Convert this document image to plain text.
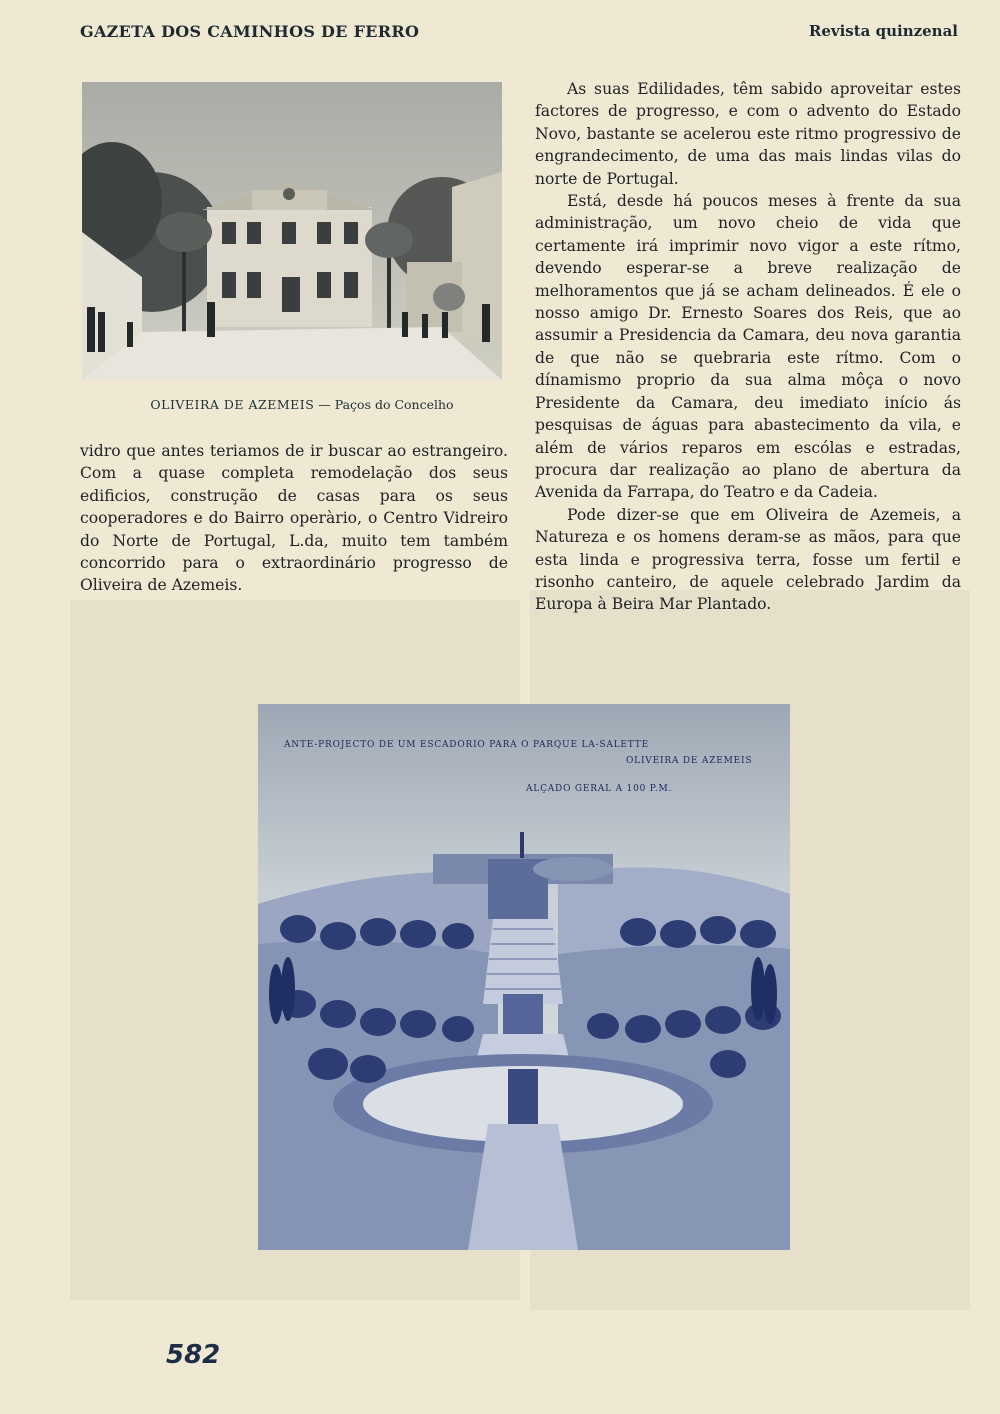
GAZETA DOS CAMINHOS DE FERRO	Revista quinzenal
OLIVEIRA DE AZEMEIS — Paços do Concelho

vidro que antes teriamos de ir buscar ao estrangeiro. Com a quase completa remodelação dos seus edificios, construção de casas para os seus cooperadores e do Bairro operàrio, o Centro Vidreiro do Norte de Portugal, L.da, muito tem também concorrido para o extraordinário progresso de Oliveira de Azemeis.

As suas Edilidades, têm sabido aproveitar estes factores de progresso, e com o advento do Estado Novo, bastante se acelerou este ritmo progressivo de engrandecimento, de uma das mais lindas vilas do norte de Portugal.

Está, desde há poucos meses à frente da sua administração, um novo cheio de vida que certamente irá imprimir novo vigor a este rítmo, devendo esperar-se a breve realização de melhoramentos que já se acham delineados. É ele o nosso amigo Dr. Ernesto Soares dos Reis, que ao assumir a Presidencia da Camara, deu nova garantia de que não se quebraria este rítmo. Com o dínamismo proprio da sua alma môça o novo Presidente da Camara, deu imediato início ás pesquisas de águas para abastecimento da vila, e além de vários reparos em escólas e estradas, procura dar realização ao plano de abertura da Avenida da Farrapa, do Teatro e da Cadeia.

Pode dizer-se que em Oliveira de Azemeis, a Natureza e os homens deram-se as mãos, para que esta linda e progressiva terra, fosse um fertil e risonho canteiro, de aquele celebrado Jardim da Europa à Beira Mar Plantado.

ANTE-PROJECTO DE UM ESCADORIO PARA O PARQUE LA-SALETTE
OLIVEIRA DE AZEMEIS
ALÇADO GERAL A 100 P.M.
582
